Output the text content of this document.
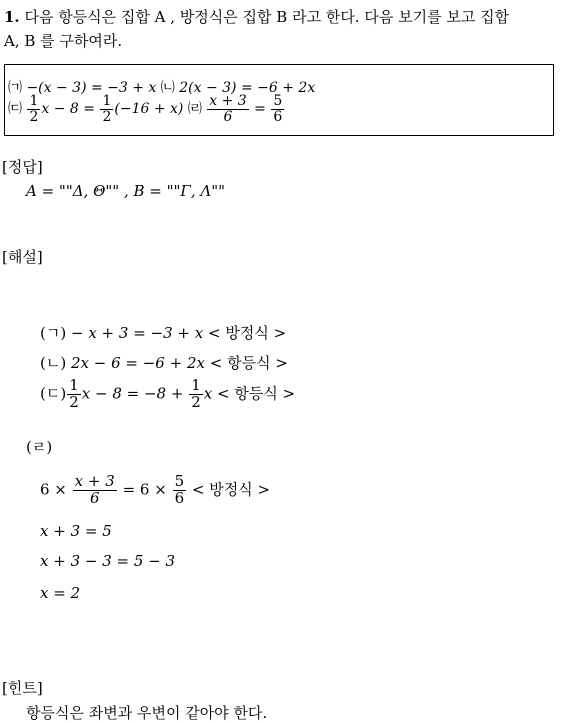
1. 다음 항등식은 집합 A , 방정식은 집합 B 라고 한다. 다음 보기를 보고 집합
A, B 를 구하여라.
㈀ −(x − 3) = −3 + x ㈁ 2(x − 3) = −6 + 2x
㈂ $\frac{1}{2}$ $x - 8 = \frac{1}{2} (-16 + x)$ ㈃ $\frac{x + 3}{6} = \frac{5}{6}$
[정답]
A = ""Δ, Θ"" , B = ""Γ, Λ""
[해설]
(ㄱ) − x + 3 = −3 + x < 방정식 >
(ㄴ) 2x − 6 = −6 + 2x < 항등식 >
(ㄷ) $\frac{1}{2}$ $x - 8 = -8 + \frac{1}{2}$ x < 항등식 >
(ㄹ)
$6 \times \frac{x + 3}{6} = 6 \times \frac{5}{6}$ < 방정식 >
x + 3 = 5
x + 3 − 3 = 5 − 3
x = 2
[힌트]
항등식은 좌변과 우변이 같아야 한다.
